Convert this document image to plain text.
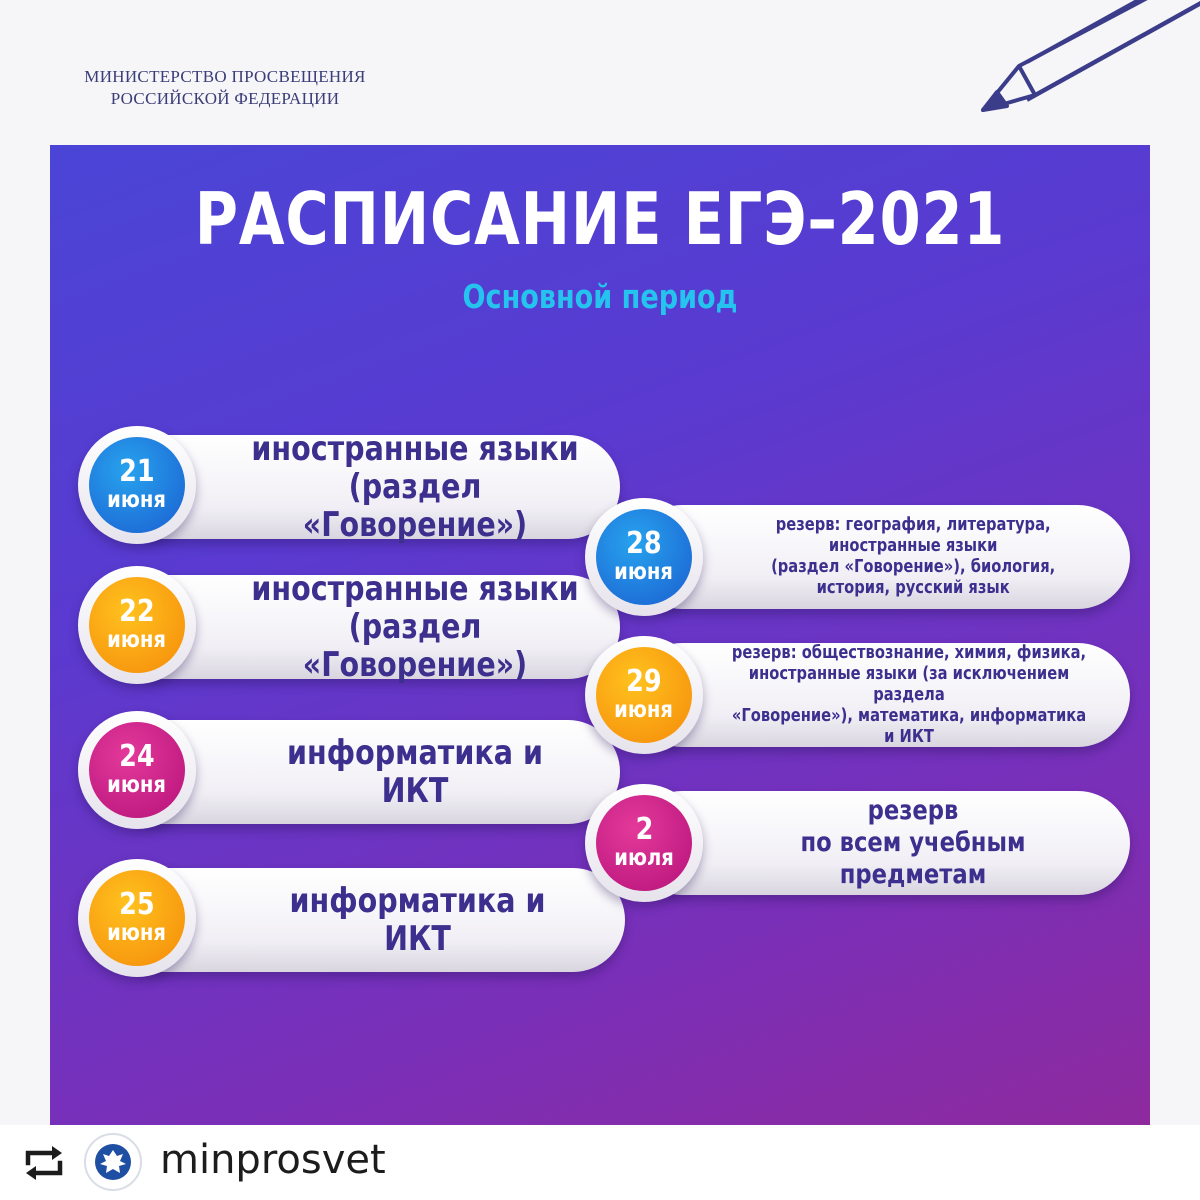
МИНИСТЕРСТВО ПРОСВЕЩЕНИЯ
РОССИЙСКОЙ ФЕДЕРАЦИИ
РАСПИСАНИЕ ЕГЭ–2021
Основной период
иностранные языки
(раздел «Говорение»)
21
июня
иностранные языки
(раздел «Говорение»)
22
июня
информатика и ИКТ
24
июня
информатика и ИКТ
25
июня
резерв: география, литература,
иностранные языки
(раздел «Говорение»), биология,
история, русский язык
28
июня
резерв: обществознание, химия, физика,
иностранные языки (за исключением раздела
«Говорение»), математика, информатика и ИКТ
29
июня
резерв
по всем учебным предметам
2
июля
minprosvet
